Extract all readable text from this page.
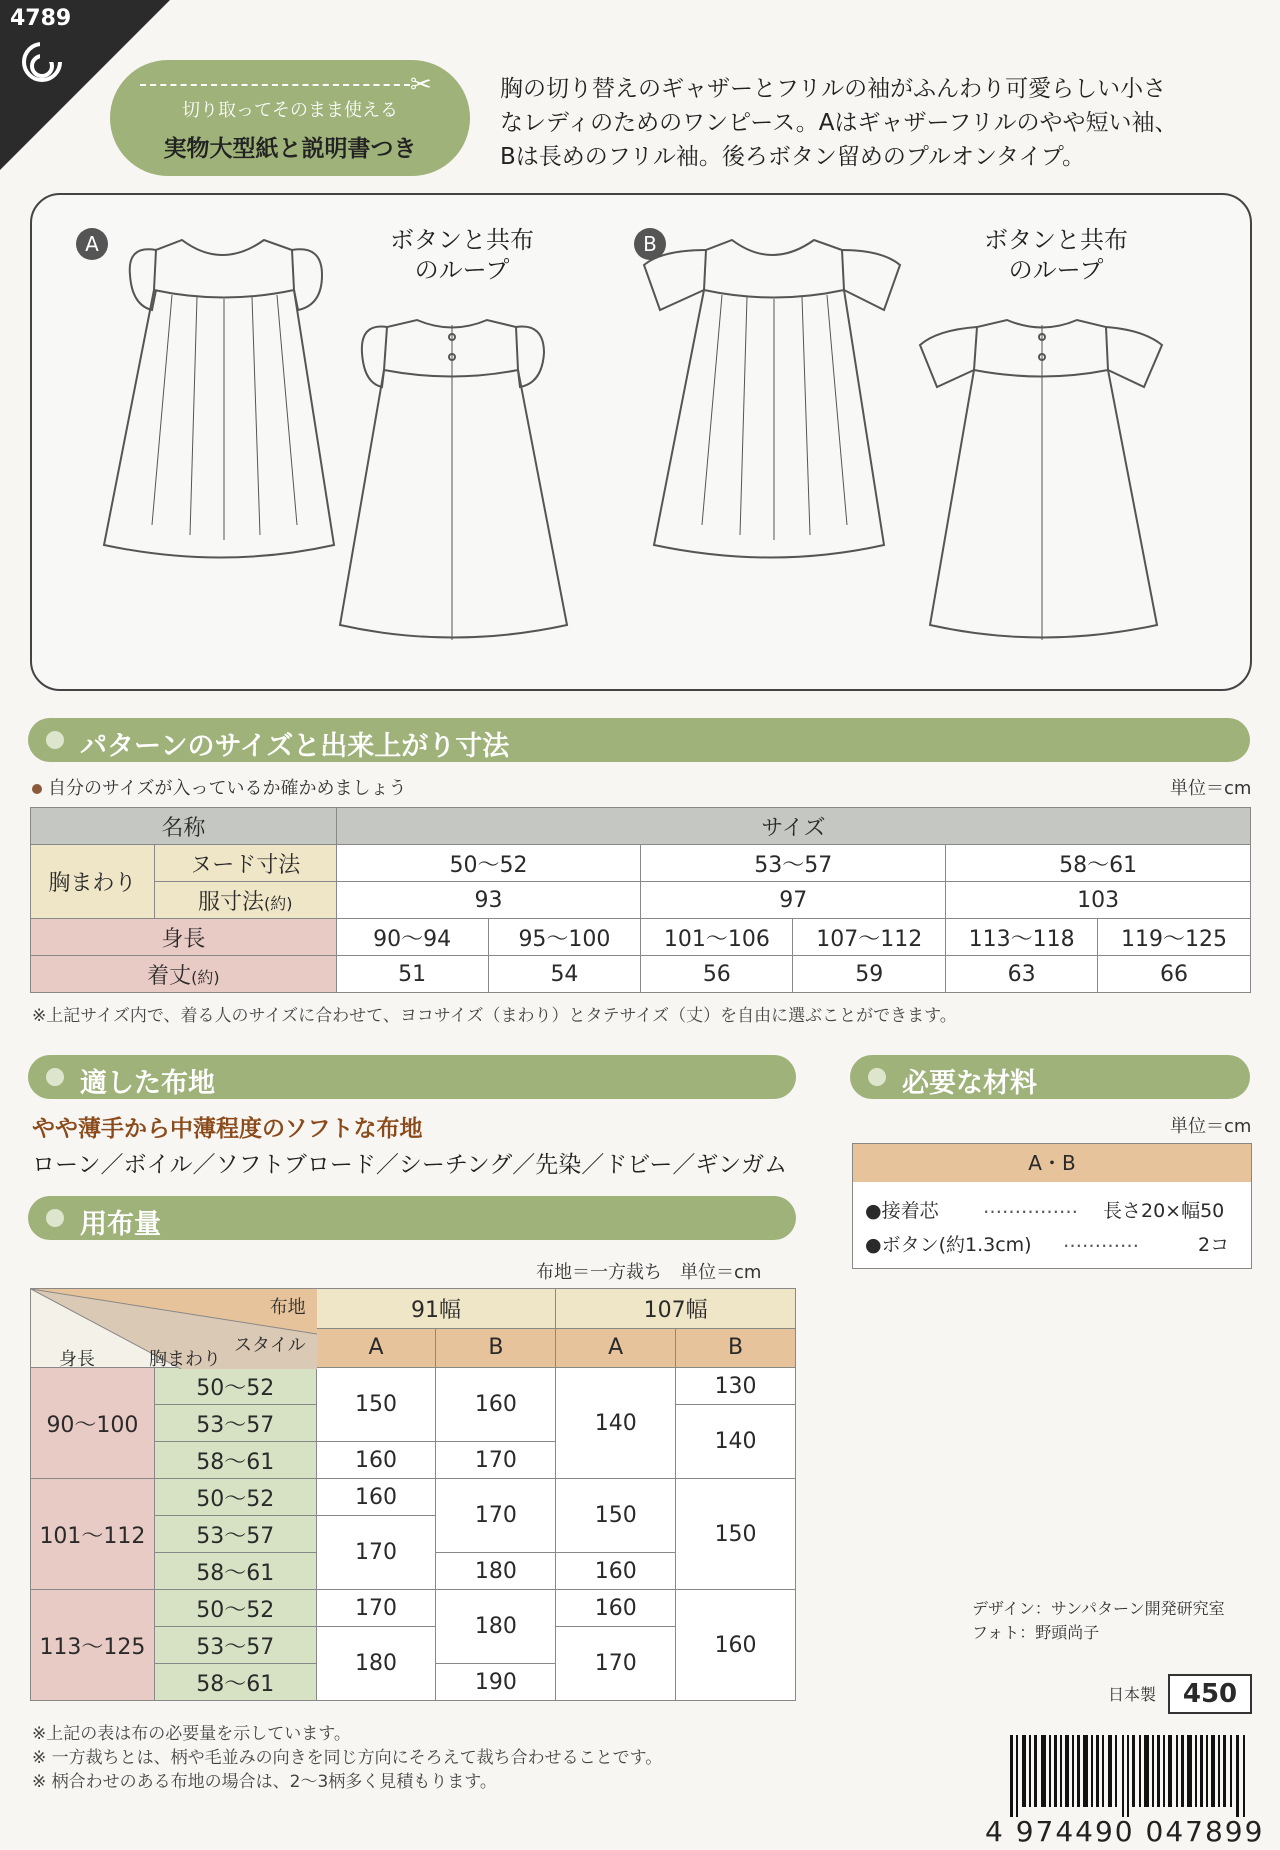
4789
✂
切り取ってそのまま使える
実物大型紙と説明書つき
胸の切り替えのギャザーとフリルの袖がふんわり可愛らしい小さ
なレディのためのワンピース。Aはギャザーフリルのやや短い袖、
Bは長めのフリル袖。後ろボタン留めのプルオンタイプ。
A	B
ボタンと共布
のループ
ボタンと共布
のループ
パターンのサイズと出来上がり寸法
自分のサイズが入っているか確かめましょう	単位＝cm
名称		サイズ					
胸まわり	ヌード寸法	50〜52		53〜57		58〜61	
	服寸法(約)	93		97		103	
身長		90〜94	95〜100	101〜106	107〜112	113〜118	119〜125
着丈(約)		51	54	56	59	63	66
※上記サイズ内で、着る人のサイズに合わせて、ヨコサイズ（まわり）とタテサイズ（丈）を自由に選ぶことができます。
適した布地
やや薄手から中薄程度のソフトな布地
ローン／ボイル／ソフトブロード／シーチング／先染／ドビー／ギンガム
必要な材料
単位＝cm
A・B
●接着芯 …………… 長さ20×幅50
●ボタン(約1.3cm) …………	2コ
用布量
布地＝一方裁ち　単位＝cm
布地
スタイル
身長 胸まわり		91幅		107幅	
		A	B	A	B
90〜100	50〜52	150	160	140	130
	53〜57				140
	58〜61	160	170		
101〜112	50〜52	160	170	150	150
	53〜57	170			
	58〜61		180	160	
113〜125	50〜52	170	180	160	160
	53〜57	180		170	
	58〜61		190		
※上記の表は布の必要量を示しています。
※ 一方裁ちとは、柄や毛並みの向きを同じ方向にそろえて裁ち合わせることです。
※ 柄合わせのある布地の場合は、2〜3柄多く見積もります。
デザイン：サンパターン開発研究室
フォト：野頭尚子
日本製	450
4 974490 047899
